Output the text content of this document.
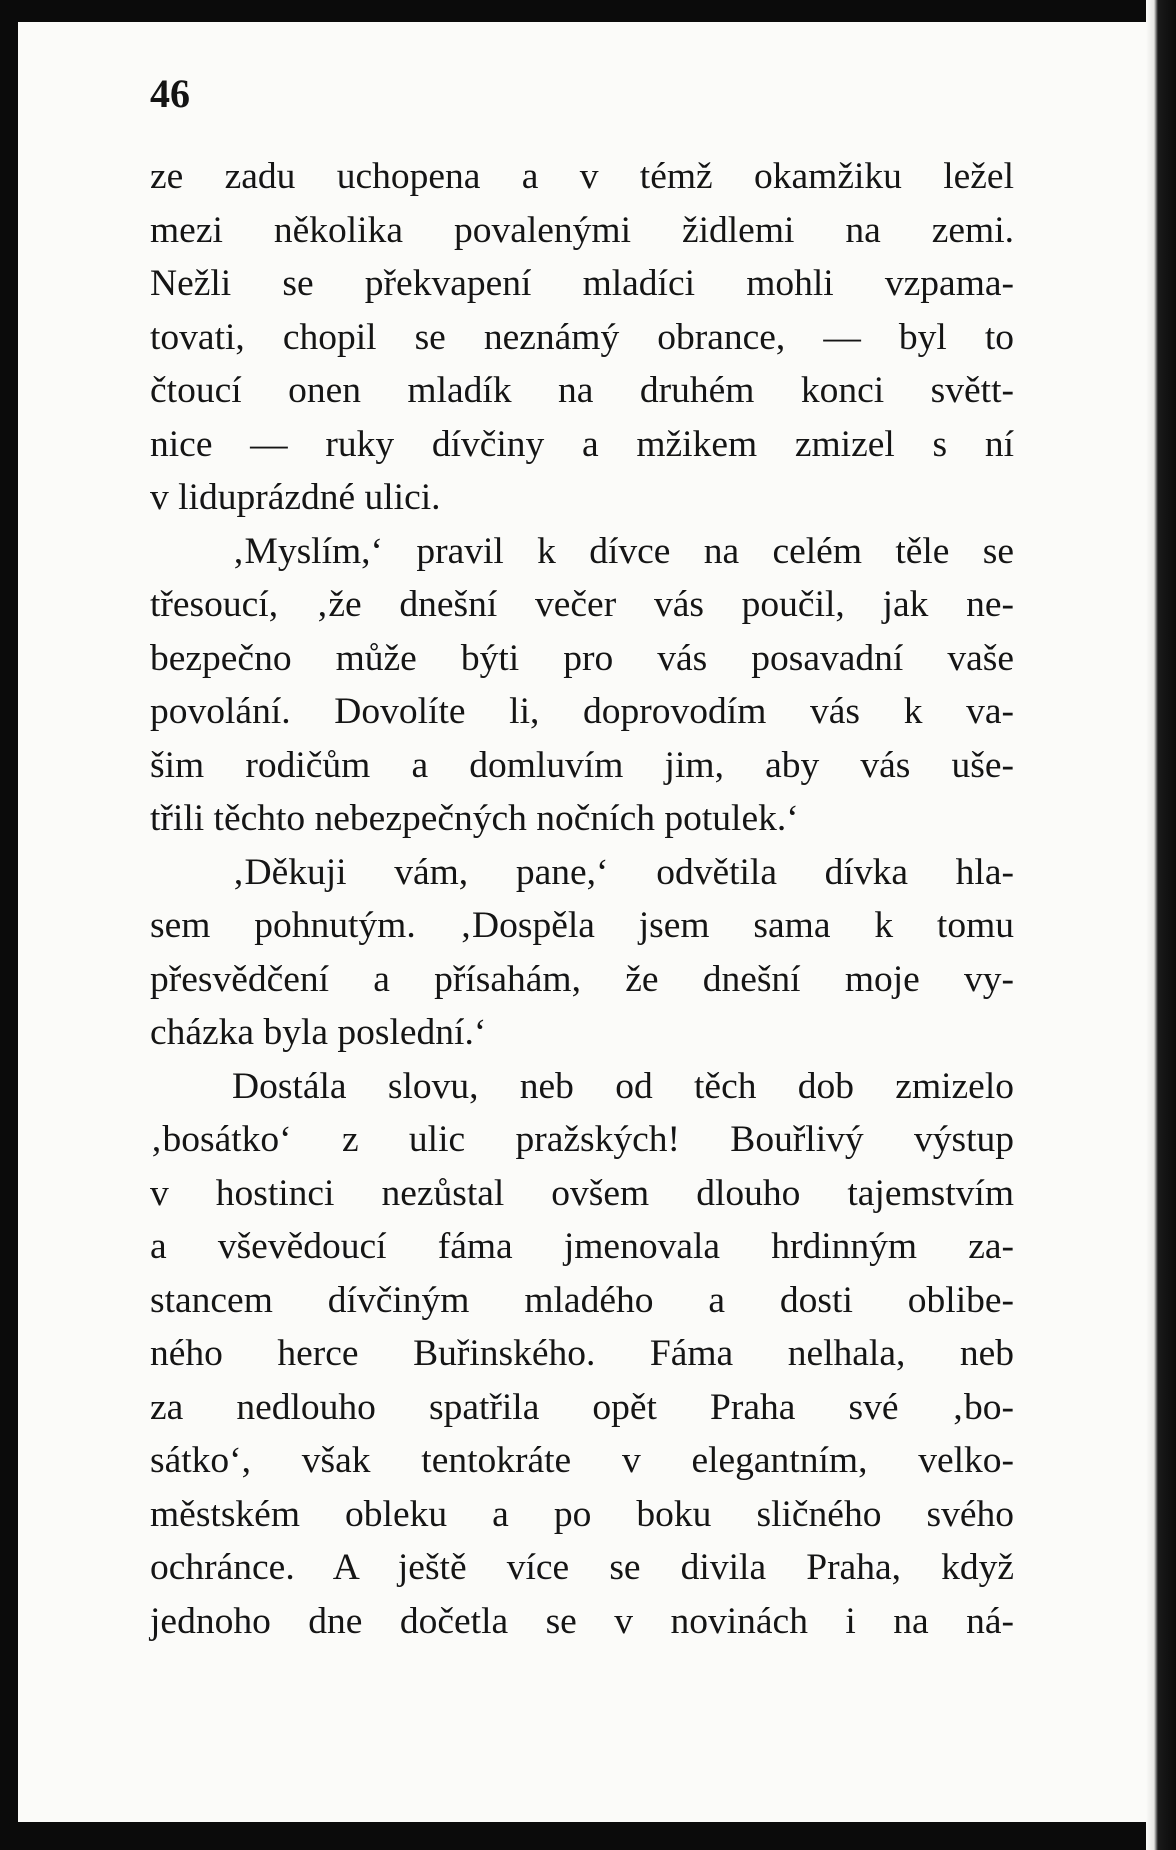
46
ze zadu uchopena a v témž okamžiku ležel
mezi několika povalenými židlemi na zemi.
Nežli se překvapení mladíci mohli vzpama-
tovati, chopil se neznámý obrance, — byl to
čtoucí onen mladík na druhém konci světt-
nice — ruky dívčiny a mžikem zmizel s ní
v liduprázdné ulici.
‚Myslím,‘ pravil k dívce na celém těle se
třesoucí, ‚že dnešní večer vás poučil, jak ne-
bezpečno může býti pro vás posavadní vaše
povolání. Dovolíte li, doprovodím vás k va-
šim rodičům a domluvím jim, aby vás uše-
třili těchto nebezpečných nočních potulek.‘
‚Děkuji vám, pane,‘ odvětila dívka hla-
sem pohnutým. ‚Dospěla jsem sama k tomu
přesvědčení a přísahám, že dnešní moje vy-
cházka byla poslední.‘
Dostála slovu, neb od těch dob zmizelo
‚bosátko‘ z ulic pražských! Bouřlivý výstup
v hostinci nezůstal ovšem dlouho tajemstvím
a vševědoucí fáma jmenovala hrdinným za-
stancem dívčiným mladého a dosti oblibe-
ného herce Buřinského. Fáma nelhala, neb
za nedlouho spatřila opět Praha své ‚bo-
sátko‘, však tentokráte v elegantním, velko-
městském obleku a po boku sličného svého
ochránce. A ještě více se divila Praha, když
jednoho dne dočetla se v novinách i na ná-
